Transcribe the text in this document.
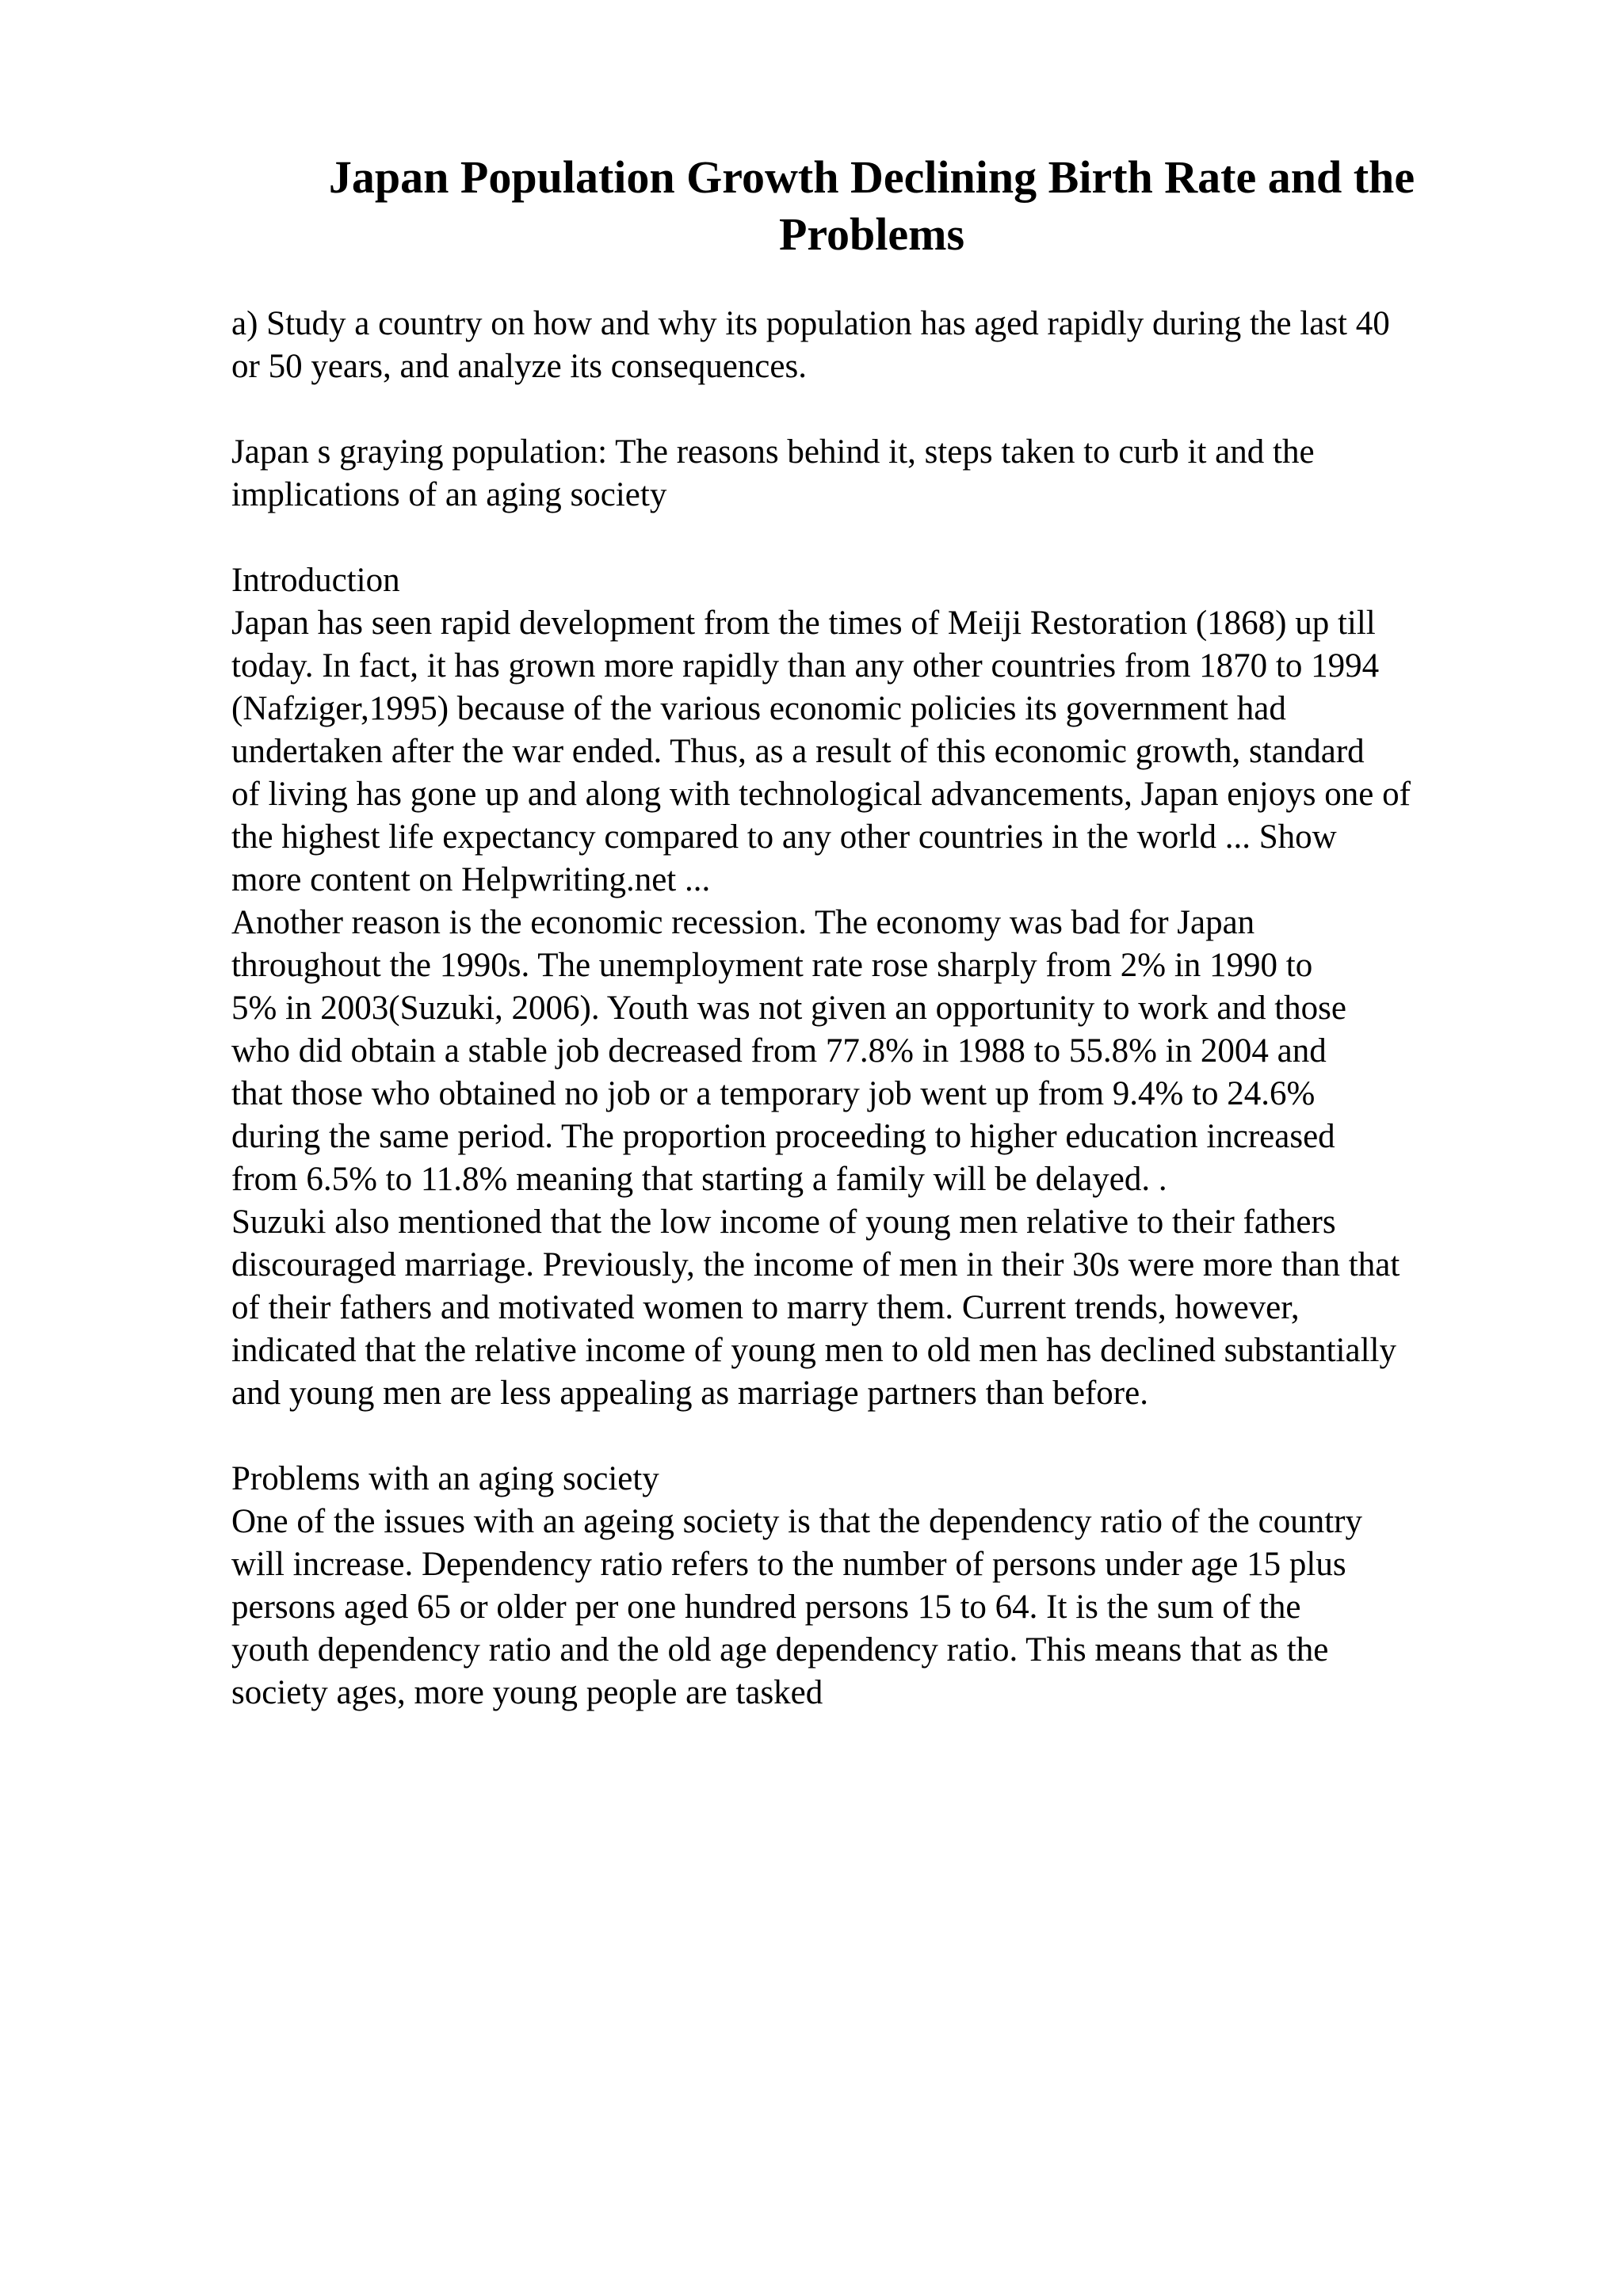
Japan Population Growth Declining Birth Rate and the
Problems

a) Study a country on how and why its population has aged rapidly during the last 40
or 50 years, and analyze its consequences.

Japan s graying population: The reasons behind it, steps taken to curb it and the
implications of an aging society

Introduction
Japan has seen rapid development from the times of Meiji Restoration (1868) up till
today. In fact, it has grown more rapidly than any other countries from 1870 to 1994
(Nafziger,1995) because of the various economic policies its government had
undertaken after the war ended. Thus, as a result of this economic growth, standard
of living has gone up and along with technological advancements, Japan enjoys one of
the highest life expectancy compared to any other countries in the world ... Show
more content on Helpwriting.net ...
Another reason is the economic recession. The economy was bad for Japan
throughout the 1990s. The unemployment rate rose sharply from 2% in 1990 to
5% in 2003(Suzuki, 2006). Youth was not given an opportunity to work and those
who did obtain a stable job decreased from 77.8% in 1988 to 55.8% in 2004 and
that those who obtained no job or a temporary job went up from 9.4% to 24.6%
during the same period. The proportion proceeding to higher education increased
from 6.5% to 11.8% meaning that starting a family will be delayed. .
Suzuki also mentioned that the low income of young men relative to their fathers
discouraged marriage. Previously, the income of men in their 30s were more than that
of their fathers and motivated women to marry them. Current trends, however,
indicated that the relative income of young men to old men has declined substantially
and young men are less appealing as marriage partners than before.

Problems with an aging society
One of the issues with an ageing society is that the dependency ratio of the country
will increase. Dependency ratio refers to the number of persons under age 15 plus
persons aged 65 or older per one hundred persons 15 to 64. It is the sum of the
youth dependency ratio and the old age dependency ratio. This means that as the
society ages, more young people are tasked
